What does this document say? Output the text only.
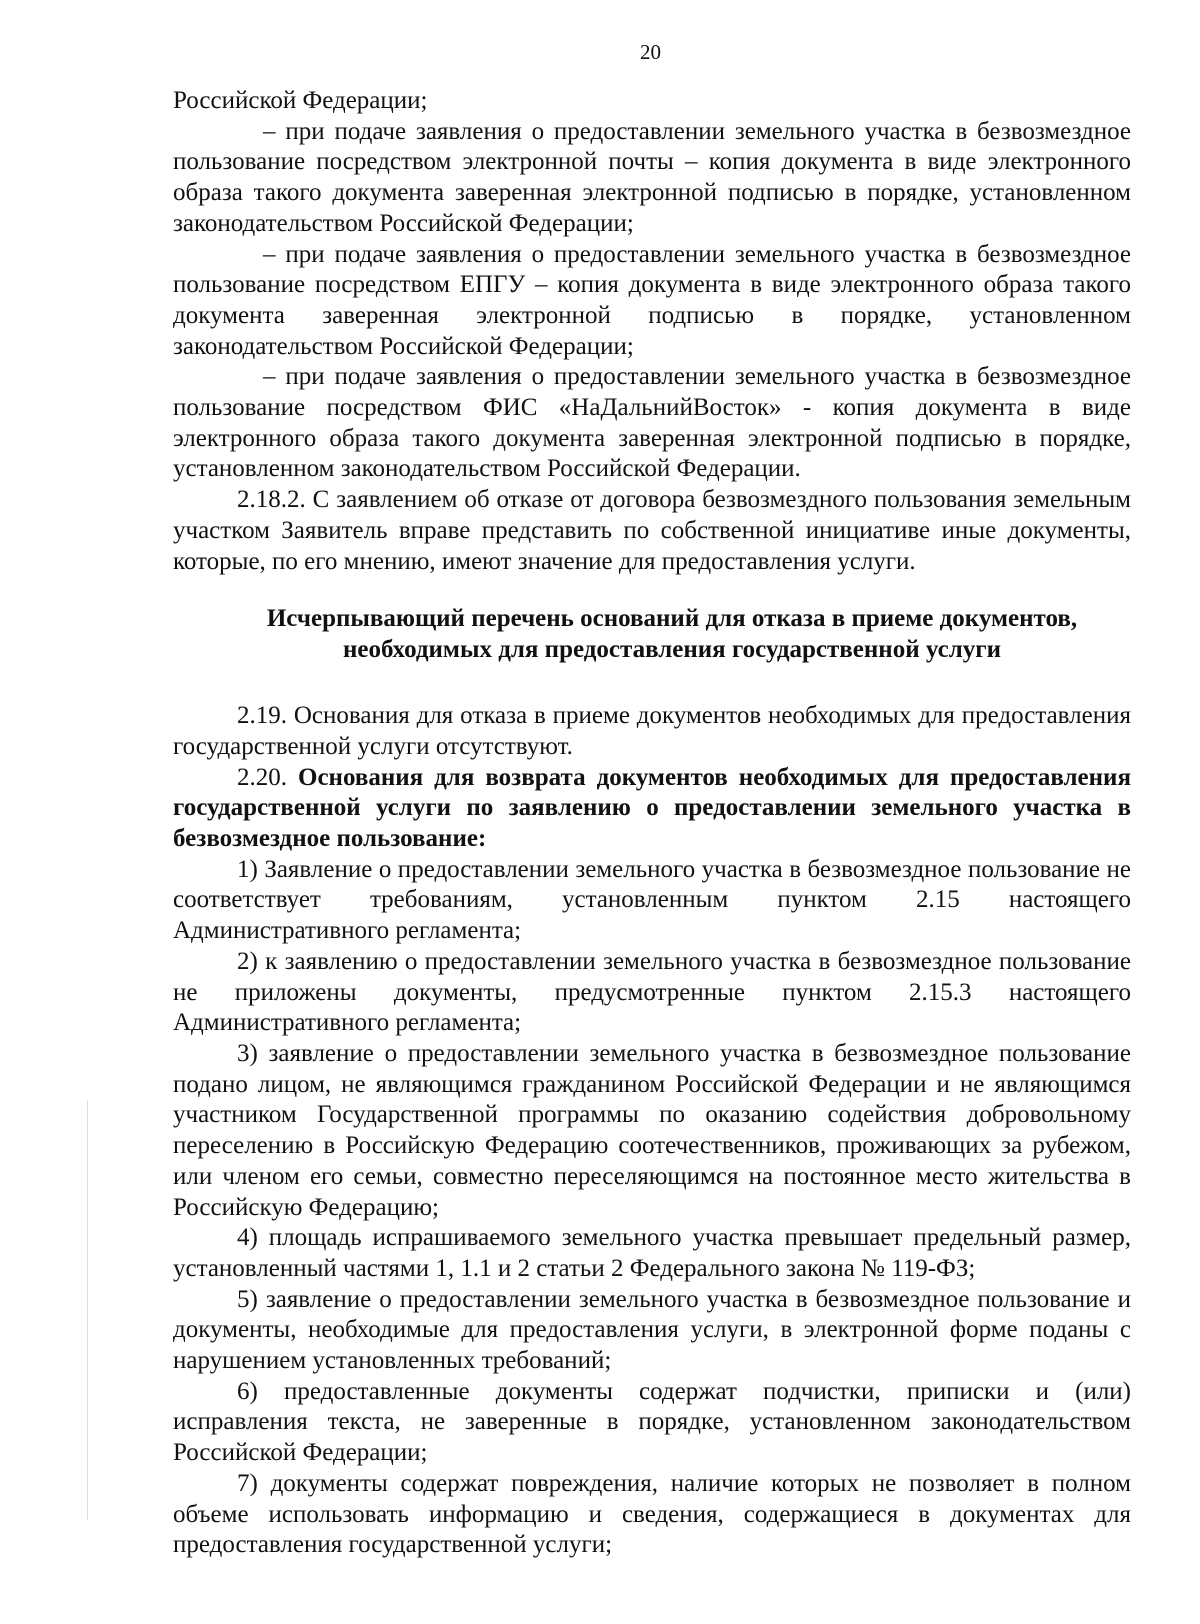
20

Российской Федерации;

– при подаче заявления о предоставлении земельного участка в безвозмездное пользование посредством электронной почты – копия документа в виде электронного образа такого документа заверенная электронной подписью в порядке, установленном законодательством Российской Федерации;

– при подаче заявления о предоставлении земельного участка в безвозмездное пользование посредством ЕПГУ – копия документа в виде электронного образа такого документа заверенная электронной подписью в порядке, установленном законодательством Российской Федерации;

– при подаче заявления о предоставлении земельного участка в безвозмездное пользование посредством ФИС «НаДальнийВосток» - копия документа в виде электронного образа такого документа заверенная электронной подписью в порядке, установленном законодательством Российской Федерации.

2.18.2. С заявлением об отказе от договора безвозмездного пользования земельным участком Заявитель вправе представить по собственной инициативе иные документы, которые, по его мнению, имеют значение для предоставления услуги.

Исчерпывающий перечень оснований для отказа в приеме документов,
необходимых для предоставления государственной услуги

2.19. Основания для отказа в приеме документов необходимых для предоставления государственной услуги отсутствуют.

2.20. Основания для возврата документов необходимых для предоставления государственной услуги по заявлению о предоставлении земельного участка в безвозмездное пользование:

1) Заявление о предоставлении земельного участка в безвозмездное пользование не соответствует требованиям, установленным пунктом 2.15 настоящего Административного регламента;

2) к заявлению о предоставлении земельного участка в безвозмездное пользование не приложены документы, предусмотренные пунктом 2.15.3 настоящего Административного регламента;

3) заявление о предоставлении земельного участка в безвозмездное пользование подано лицом, не являющимся гражданином Российской Федерации и не являющимся участником Государственной программы по оказанию содействия добровольному переселению в Российскую Федерацию соотечественников, проживающих за рубежом, или членом его семьи, совместно переселяющимся на постоянное место жительства в Российскую Федерацию;

4) площадь испрашиваемого земельного участка превышает предельный размер, установленный частями 1, 1.1 и 2 статьи 2 Федерального закона № 119-ФЗ;

5) заявление о предоставлении земельного участка в безвозмездное пользование и документы, необходимые для предоставления услуги, в электронной форме поданы с нарушением установленных требований;

6) предоставленные документы содержат подчистки, приписки и (или) исправления текста, не заверенные в порядке, установленном законодательством Российской Федерации;

7) документы содержат повреждения, наличие которых не позволяет в полном объеме использовать информацию и сведения, содержащиеся в документах для предоставления государственной услуги;
